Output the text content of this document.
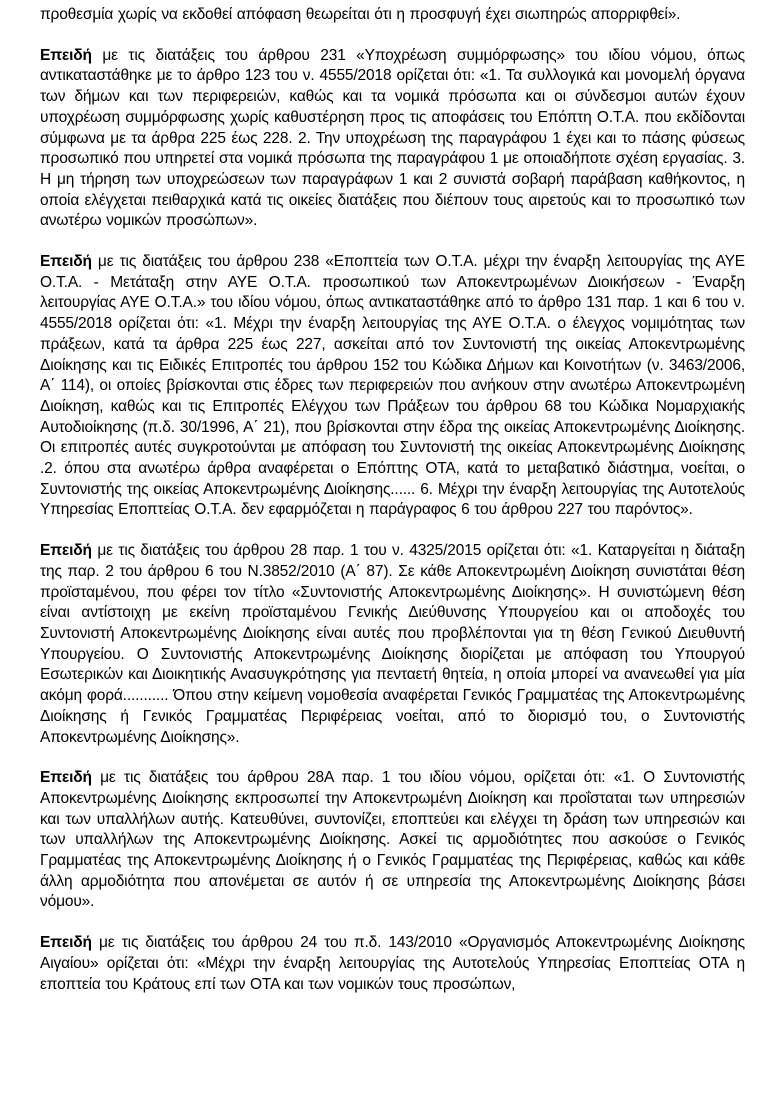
προθεσμία χωρίς να εκδοθεί απόφαση θεωρείται ότι η προσφυγή έχει σιωπηρώς απορριφθεί».

Επειδή με τις διατάξεις του άρθρου 231 «Υποχρέωση συμμόρφωσης» του ιδίου νόμου, όπως αντικαταστάθηκε με το άρθρο 123 του ν. 4555/2018 ορίζεται ότι: «1. Τα συλλογικά και μονομελή όργανα των δήμων και των περιφερειών, καθώς και τα νομικά πρόσωπα και οι σύνδεσμοι αυτών έχουν υποχρέωση συμμόρφωσης χωρίς καθυστέρηση προς τις αποφάσεις του Επόπτη Ο.Τ.Α. που εκδίδονται σύμφωνα με τα άρθρα 225 έως 228. 2. Την υποχρέωση της παραγράφου 1 έχει και το πάσης φύσεως προσωπικό που υπηρετεί στα νομικά πρόσωπα της παραγράφου 1 με οποιαδήποτε σχέση εργασίας. 3. Η μη τήρηση των υποχρεώσεων των παραγράφων 1 και 2 συνιστά σοβαρή παράβαση καθήκοντος, η οποία ελέγχεται πειθαρχικά κατά τις οικείες διατάξεις που διέπουν τους αιρετούς και το προσωπικό των ανωτέρω νομικών προσώπων».

Επειδή με τις διατάξεις του άρθρου 238 «Εποπτεία των Ο.Τ.Α. μέχρι την έναρξη λειτουργίας της ΑΥΕ Ο.Τ.Α. - Μετάταξη στην ΑΥΕ Ο.Τ.Α. προσωπικού των Αποκεντρωμένων Διοικήσεων - Έναρξη λειτουργίας ΑΥΕ Ο.Τ.Α.» του ιδίου νόμου, όπως αντικαταστάθηκε από το άρθρο 131 παρ. 1 και 6 του ν. 4555/2018 ορίζεται ότι: «1. Μέχρι την έναρξη λειτουργίας της ΑΥΕ Ο.Τ.Α. ο έλεγχος νομιμότητας των πράξεων, κατά τα άρθρα 225 έως 227, ασκείται από τον Συντονιστή της οικείας Αποκεντρωμένης Διοίκησης και τις Ειδικές Επιτροπές του άρθρου 152 του Κώδικα Δήμων και Κοινοτήτων (ν. 3463/2006, Α΄ 114), οι οποίες βρίσκονται στις έδρες των περιφερειών που ανήκουν στην ανωτέρω Αποκεντρωμένη Διοίκηση, καθώς και τις Επιτροπές Ελέγχου των Πράξεων του άρθρου 68 του Κώδικα Νομαρχιακής Αυτοδιοίκησης (π.δ. 30/1996, Α΄ 21), που βρίσκονται στην έδρα της οικείας Αποκεντρωμένης Διοίκησης. Οι επιτροπές αυτές συγκροτούνται με απόφαση του Συντονιστή της οικείας Αποκεντρωμένης Διοίκησης .2. όπου στα ανωτέρω άρθρα αναφέρεται ο Επόπτης ΟΤΑ, κατά το μεταβατικό διάστημα, νοείται, ο Συντονιστής της οικείας Αποκεντρωμένης Διοίκησης...... 6. Μέχρι την έναρξη λειτουργίας της Αυτοτελούς Υπηρεσίας Εποπτείας Ο.Τ.Α. δεν εφαρμόζεται η παράγραφος 6 του άρθρου 227 του παρόντος».

Επειδή με τις διατάξεις του άρθρου 28 παρ. 1 του ν. 4325/2015 ορίζεται ότι: «1. Καταργείται η διάταξη της παρ. 2 του άρθρου 6 του Ν.3852/2010 (Α΄ 87). Σε κάθε Αποκεντρωμένη Διοίκηση συνιστάται θέση προϊσταμένου, που φέρει τον τίτλο «Συντονιστής Αποκεντρωμένης Διοίκησης». Η συνιστώμενη θέση είναι αντίστοιχη με εκείνη προϊσταμένου Γενικής Διεύθυνσης Υπουργείου και οι αποδοχές του Συντονιστή Αποκεντρωμένης Διοίκησης είναι αυτές που προβλέπονται για τη θέση Γενικού Διευθυντή Υπουργείου. Ο Συντονιστής Αποκεντρωμένης Διοίκησης διορίζεται με απόφαση του Υπουργού Εσωτερικών και Διοικητικής Ανασυγκρότησης για πενταετή θητεία, η οποία μπορεί να ανανεωθεί για μία ακόμη φορά........... Όπου στην κείμενη νομοθεσία αναφέρεται Γενικός Γραμματέας της Αποκεντρωμένης Διοίκησης ή Γενικός Γραμματέας Περιφέρειας νοείται, από το διορισμό του, ο Συντονιστής Αποκεντρωμένης Διοίκησης».

Επειδή με τις διατάξεις του άρθρου 28Α παρ. 1 του ιδίου νόμου, ορίζεται ότι: «1. Ο Συντονιστής Αποκεντρωμένης Διοίκησης εκπροσωπεί την Αποκεντρωμένη Διοίκηση και προΐσταται των υπηρεσιών και των υπαλλήλων αυτής. Κατευθύνει, συντονίζει, εποπτεύει και ελέγχει τη δράση των υπηρεσιών και των υπαλλήλων της Αποκεντρωμένης Διοίκησης. Ασκεί τις αρμοδιότητες που ασκούσε ο Γενικός Γραμματέας της Αποκεντρωμένης Διοίκησης ή ο Γενικός Γραμματέας της Περιφέρειας, καθώς και κάθε άλλη αρμοδιότητα που απονέμεται σε αυτόν ή σε υπηρεσία της Αποκεντρωμένης Διοίκησης βάσει νόμου».

Επειδή με τις διατάξεις του άρθρου 24 του π.δ. 143/2010 «Οργανισμός Αποκεντρωμένης Διοίκησης Αιγαίου» ορίζεται ότι: «Μέχρι την έναρξη λειτουργίας της Αυτοτελούς Υπηρεσίας Εποπτείας ΟΤΑ η εποπτεία του Κράτους επί των ΟΤΑ και των νομικών τους προσώπων,
